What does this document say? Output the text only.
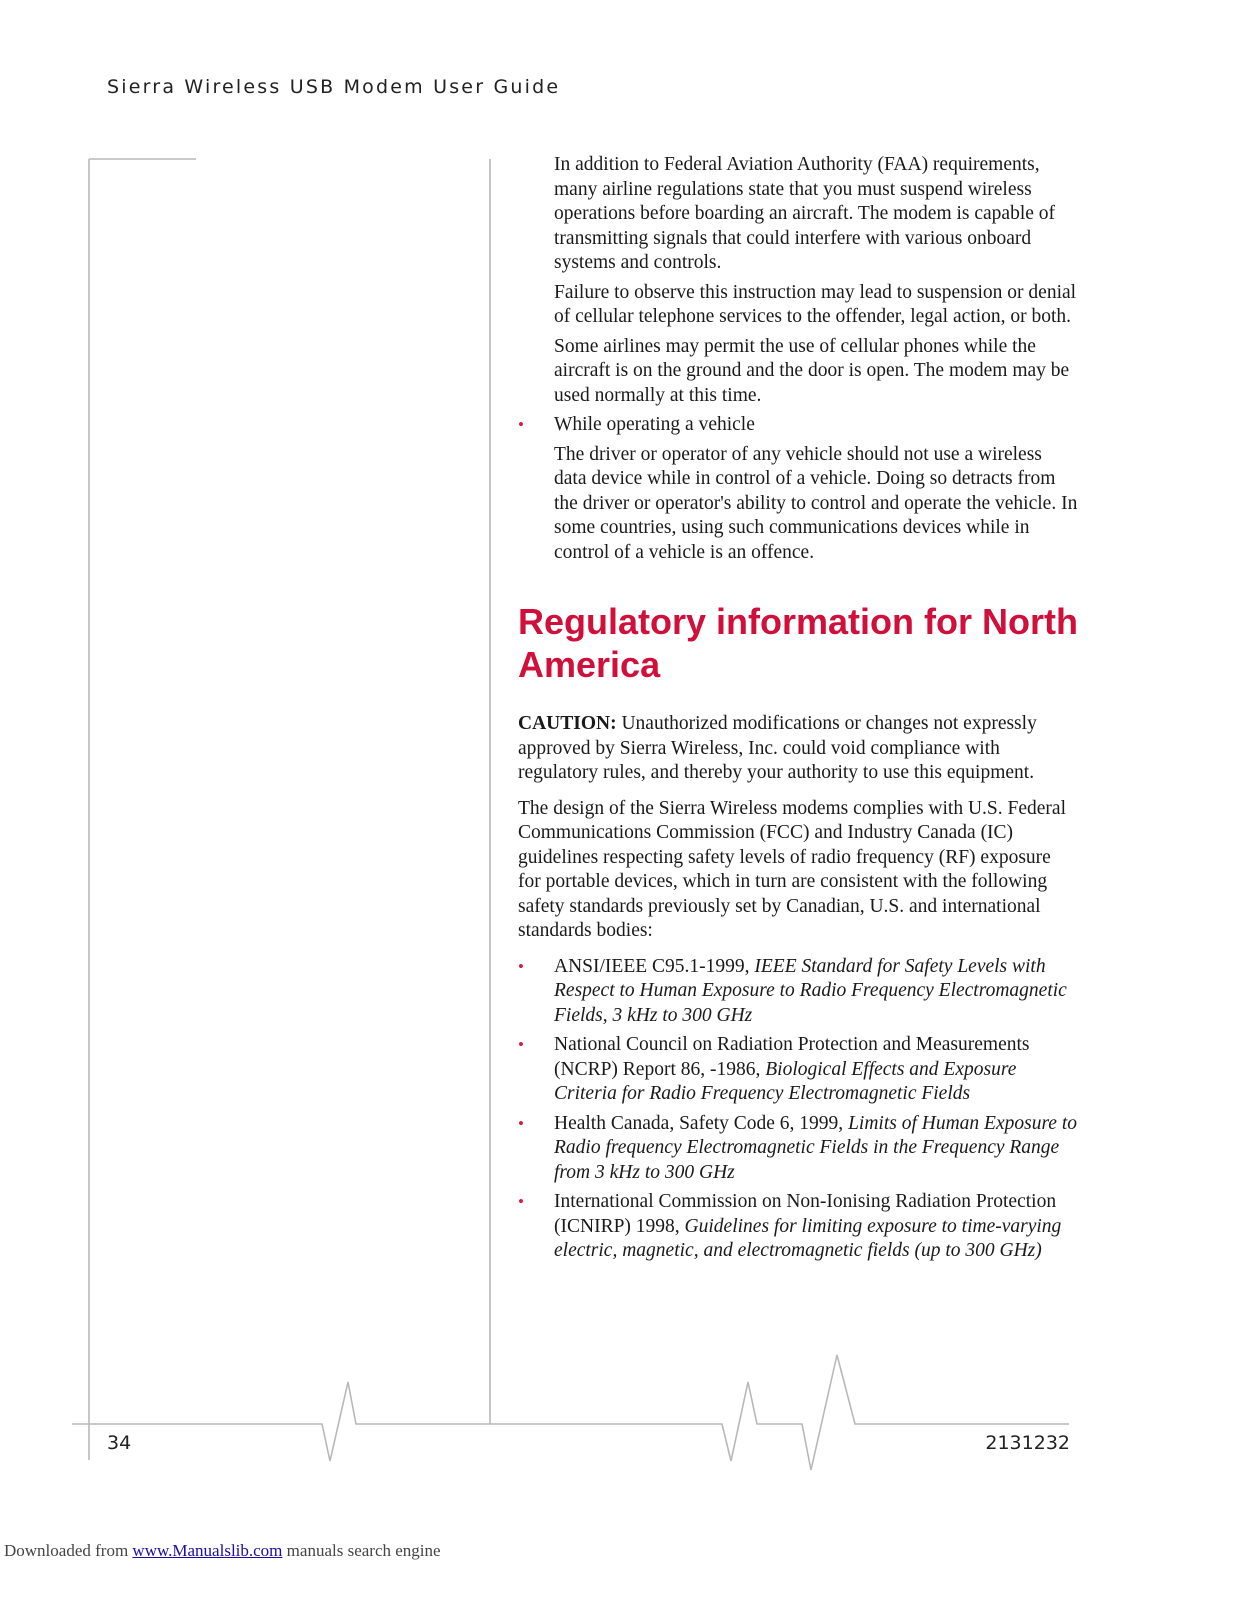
Sierra Wireless USB Modem User Guide

In addition to Federal Aviation Authority (FAA) requirements, many airline regulations state that you must suspend wireless operations before boarding an aircraft. The modem is capable of transmitting signals that could interfere with various onboard systems and controls.

Failure to observe this instruction may lead to suspension or denial of cellular telephone services to the offender, legal action, or both.

Some airlines may permit the use of cellular phones while the aircraft is on the ground and the door is open. The modem may be used normally at this time.

• While operating a vehicle

The driver or operator of any vehicle should not use a wireless data device while in control of a vehicle. Doing so detracts from the driver or operator's ability to control and operate the vehicle. In some countries, using such communications devices while in control of a vehicle is an offence.

Regulatory information for North America

CAUTION: Unauthorized modifications or changes not expressly approved by Sierra Wireless, Inc. could void compliance with regulatory rules, and thereby your authority to use this equipment.

The design of the Sierra Wireless modems complies with U.S. Federal Communications Commission (FCC) and Industry Canada (IC) guidelines respecting safety levels of radio frequency (RF) exposure for portable devices, which in turn are consistent with the following safety standards previously set by Canadian, U.S. and international standards bodies:

• ANSI/IEEE C95.1-1999, IEEE Standard for Safety Levels with Respect to Human Exposure to Radio Frequency Electromagnetic Fields, 3 kHz to 300 GHz
• National Council on Radiation Protection and Measurements (NCRP) Report 86, -1986, Biological Effects and Exposure Criteria for Radio Frequency Electromagnetic Fields
• Health Canada, Safety Code 6, 1999, Limits of Human Exposure to Radio frequency Electromagnetic Fields in the Frequency Range from 3 kHz to 300 GHz
• International Commission on Non-Ionising Radiation Protection (ICNIRP) 1998, Guidelines for limiting exposure to time-varying electric, magnetic, and electromagnetic fields (up to 300 GHz)
34	2131232
Downloaded from www.Manualslib.com manuals search engine
